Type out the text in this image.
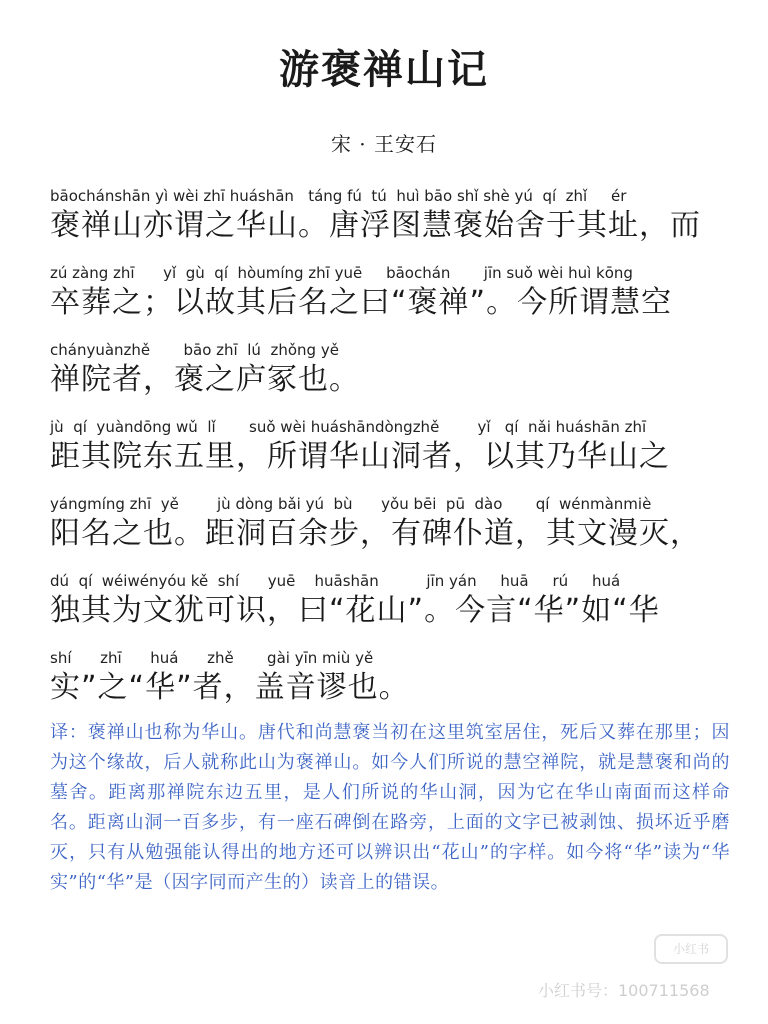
游褒禅山记
宋 · 王安石
bāochánshān yì wèi zhī huáshān   táng fú  tú  huì bāo shǐ shè yú  qí  zhǐ     ér
褒禅山亦谓之华山。唐浮图慧褒始舍于其址，而
zú zàng zhī      yǐ  gù  qí  hòumíng zhī yuē     bāochán       jīn suǒ wèi huì kōng
卒葬之；以故其后名之曰“褒禅”。今所谓慧空
chányuànzhě       bāo zhī  lú  zhǒng yě
禅院者，褒之庐冢也。
jù  qí  yuàndōng wǔ  lǐ       suǒ wèi huáshāndòngzhě        yǐ   qí  nǎi huáshān zhī
距其院东五里，所谓华山洞者，以其乃华山之
yángmíng zhī  yě        jù dòng bǎi yú  bù      yǒu bēi  pū  dào       qí  wénmànmiè
阳名之也。距洞百余步，有碑仆道，其文漫灭，
dú  qí  wéiwényóu kě  shí      yuē    huāshān          jīn yán     huā     rú     huá
独其为文犹可识，曰“花山”。今言“华”如“华
shí      zhī      huá      zhě       gài yīn miù yě
实”之“华”者，盖音谬也。
译：褒禅山也称为华山。唐代和尚慧褒当初在这里筑室居住，死后又葬在那里；因为这个缘故，后人就称此山为褒禅山。如今人们所说的慧空禅院，就是慧褒和尚的墓舍。距离那禅院东边五里，是人们所说的华山洞，因为它在华山南面而这样命名。距离山洞一百多步，有一座石碑倒在路旁，上面的文字已被剥蚀、损坏近乎磨灭，只有从勉强能认得出的地方还可以辨识出“花山”的字样。如今将“华”读为“华实”的“华”是（因字同而产生的）读音上的错误。
小红书
小红书号：100711568
